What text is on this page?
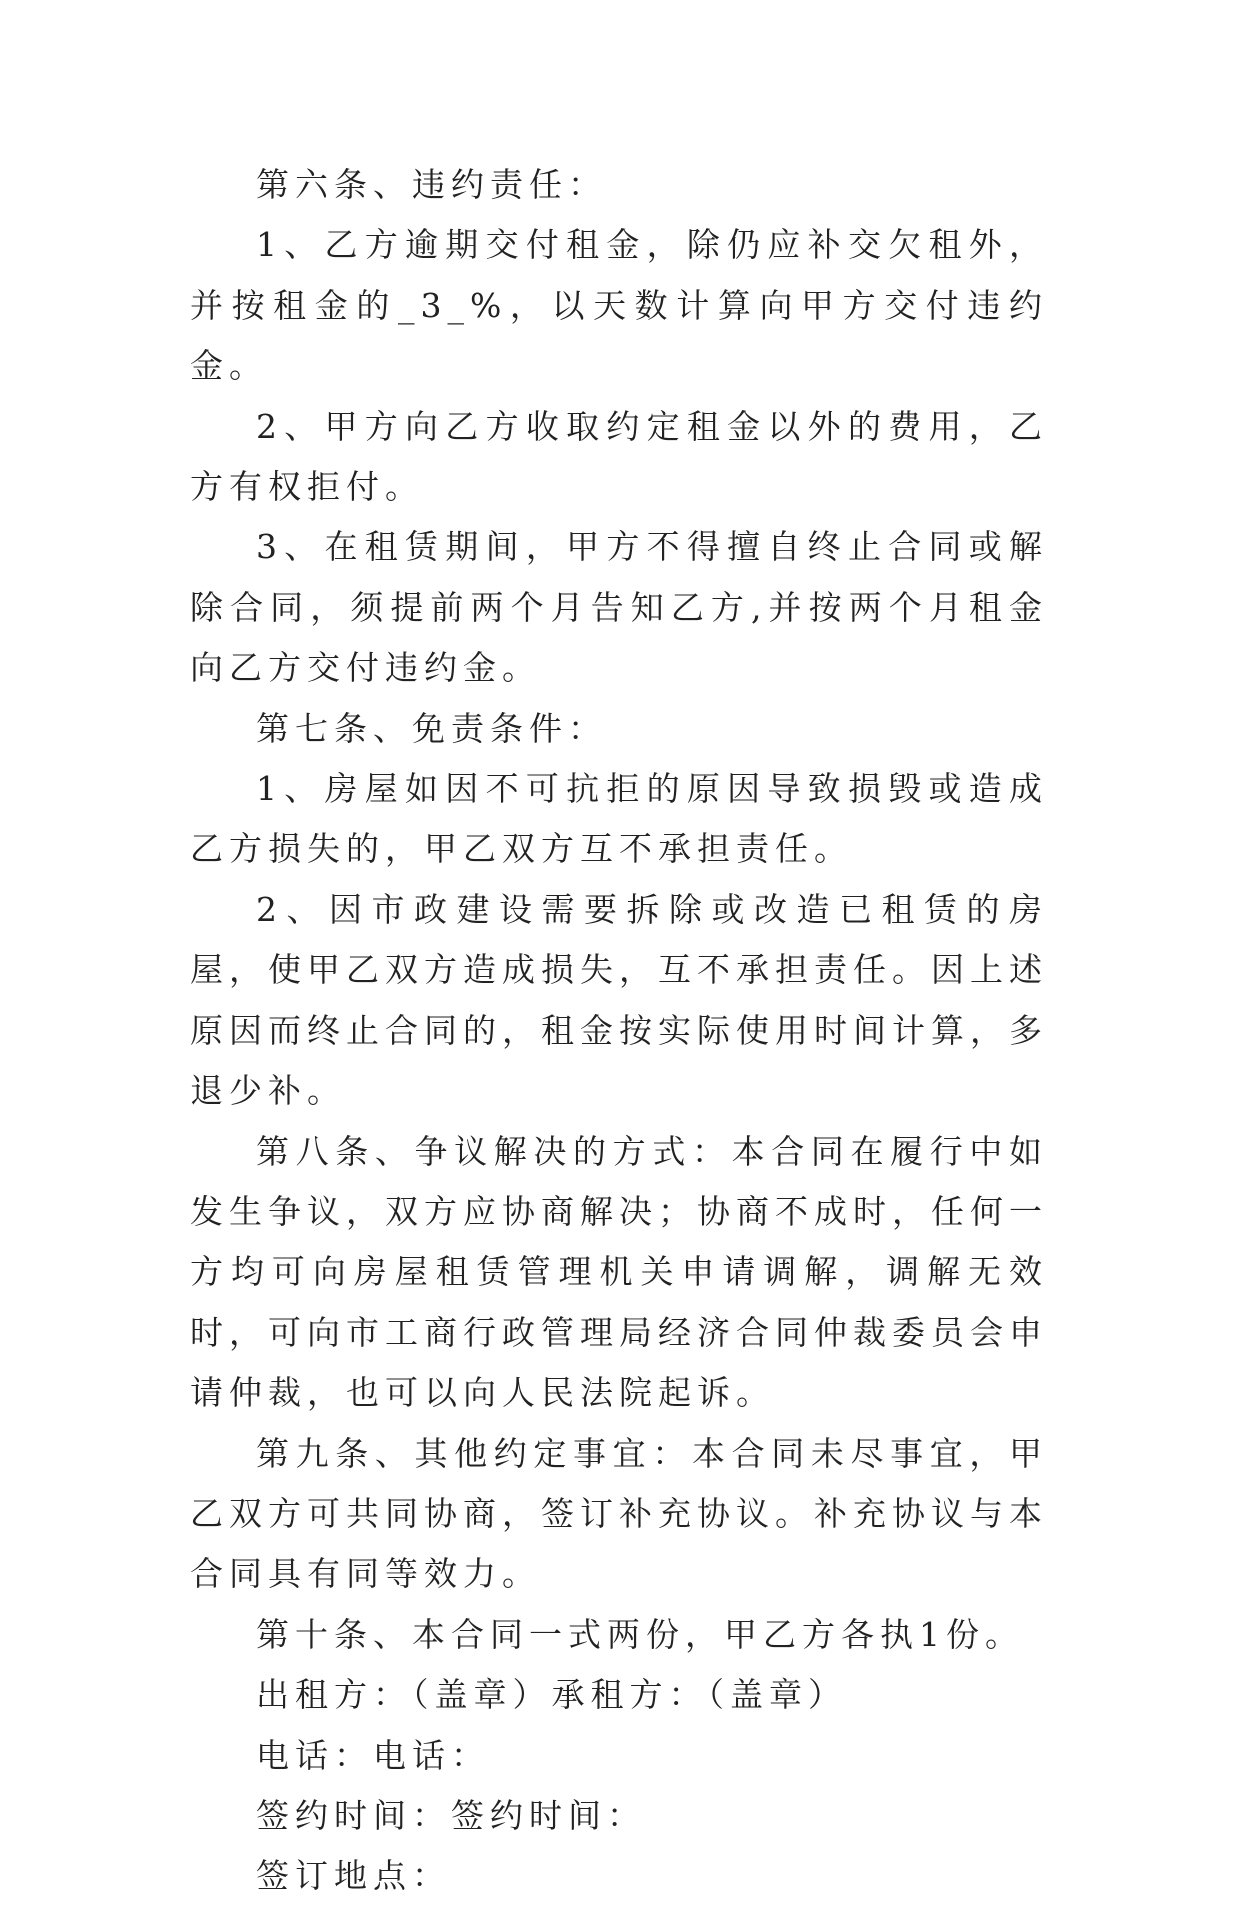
第六条、违约责任：

1、乙方逾期交付租金，除仍应补交欠租外，并按租金的_3_%，以天数计算向甲方交付违约金。

2、甲方向乙方收取约定租金以外的费用，乙方有权拒付。

3、在租赁期间，甲方不得擅自终止合同或解除合同，须提前两个月告知乙方,并按两个月租金向乙方交付违约金。

第七条、免责条件：

1、房屋如因不可抗拒的原因导致损毁或造成乙方损失的，甲乙双方互不承担责任。

2、因市政建设需要拆除或改造已租赁的房屋，使甲乙双方造成损失，互不承担责任。因上述原因而终止合同的，租金按实际使用时间计算，多退少补。

第八条、争议解决的方式：本合同在履行中如发生争议，双方应协商解决；协商不成时，任何一方均可向房屋租赁管理机关申请调解，调解无效时，可向市工商行政管理局经济合同仲裁委员会申请仲裁，也可以向人民法院起诉。

第九条、其他约定事宜：本合同未尽事宜，甲乙双方可共同协商，签订补充协议。补充协议与本合同具有同等效力。

第十条、本合同一式两份，甲乙方各执1份。

出租方：（盖章）承租方：（盖章）

电话：电话：

签约时间：签约时间：

签订地点：
